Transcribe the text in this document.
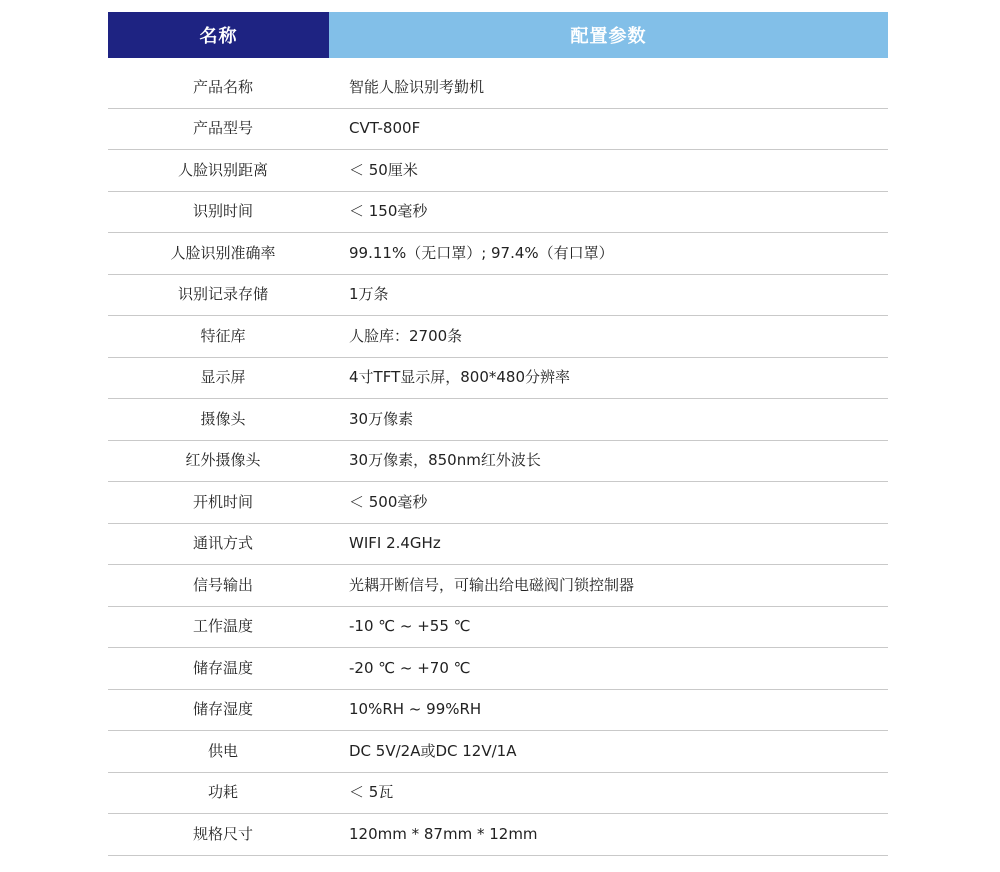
名称	配置参数
产品名称	智能人脸识别考勤机
产品型号	CVT-800F
人脸识别距离	＜ 50厘米
识别时间	＜ 150毫秒
人脸识别准确率	99.11%（无口罩）; 97.4%（有口罩）
识别记录存储	1万条
特征库	人脸库：2700条
显示屏	4寸TFT显示屏，800*480分辨率
摄像头	30万像素
红外摄像头	30万像素，850nm红外波长
开机时间	＜ 500毫秒
通讯方式	WIFI 2.4GHz
信号输出	光耦开断信号，可输出给电磁阀门锁控制器
工作温度	-10 ℃ ~ +55 ℃
储存温度	-20 ℃ ~ +70 ℃
储存湿度	10%RH ~ 99%RH
供电	DC 5V/2A或DC 12V/1A
功耗	＜ 5瓦
规格尺寸	120mm * 87mm * 12mm
